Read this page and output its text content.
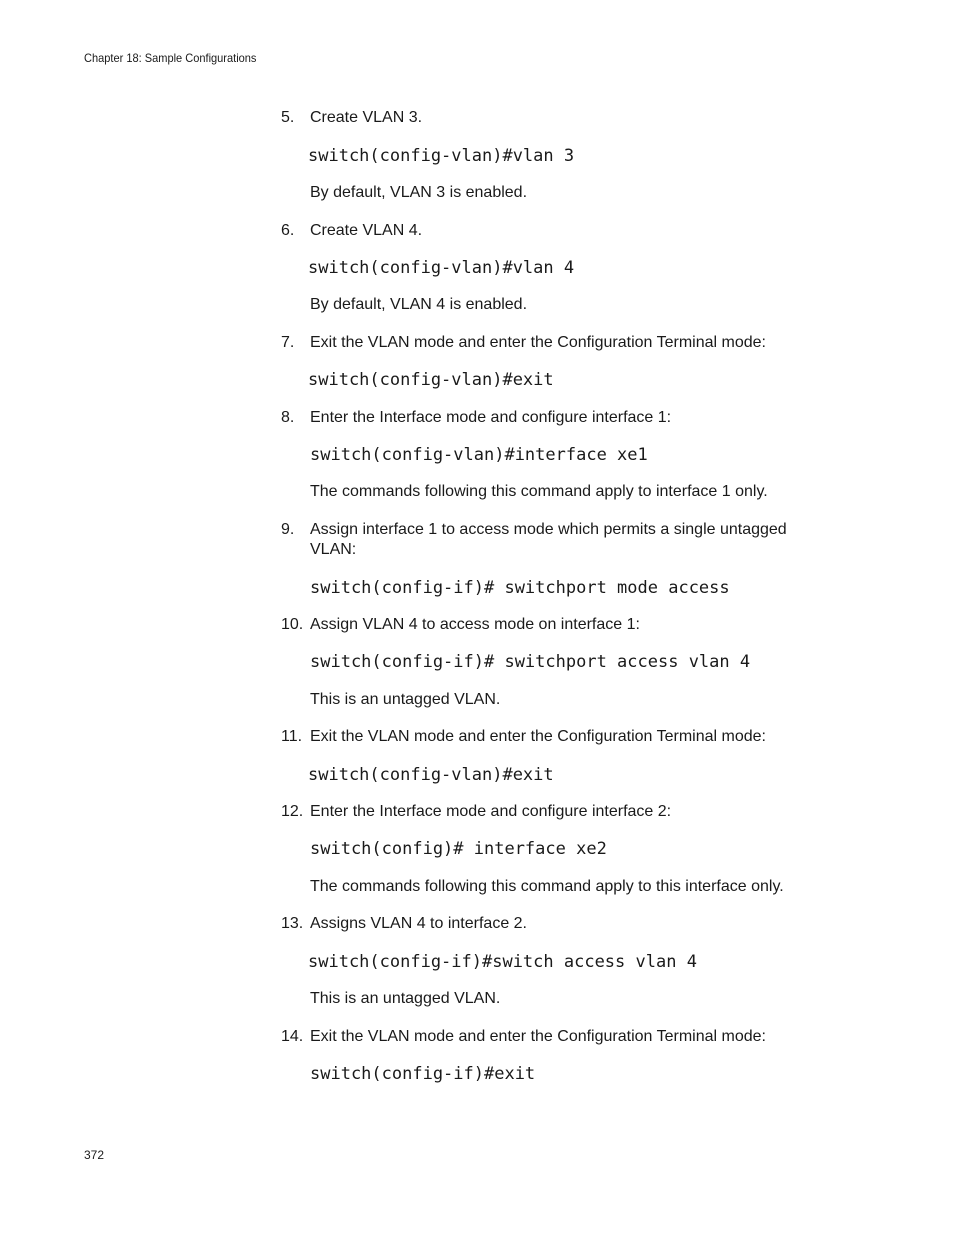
Chapter 18: Sample Configurations
5. Create VLAN 3.
switch(config-vlan)#vlan 3
By default, VLAN 3 is enabled.
6. Create VLAN 4.
switch(config-vlan)#vlan 4
By default, VLAN 4 is enabled.
7. Exit the VLAN mode and enter the Configuration Terminal mode:
switch(config-vlan)#exit
8. Enter the Interface mode and configure interface 1:
switch(config-vlan)#interface xe1
The commands following this command apply to interface 1 only.
9. Assign interface 1 to access mode which permits a single untagged
VLAN:
switch(config-if)# switchport mode access
10. Assign VLAN 4 to access mode on interface 1:
switch(config-if)# switchport access vlan 4
This is an untagged VLAN.
11. Exit the VLAN mode and enter the Configuration Terminal mode:
switch(config-vlan)#exit
12. Enter the Interface mode and configure interface 2:
switch(config)# interface xe2
The commands following this command apply to this interface only.
13. Assigns VLAN 4 to interface 2.
switch(config-if)#switch access vlan 4
This is an untagged VLAN.
14. Exit the VLAN mode and enter the Configuration Terminal mode:
switch(config-if)#exit
372
